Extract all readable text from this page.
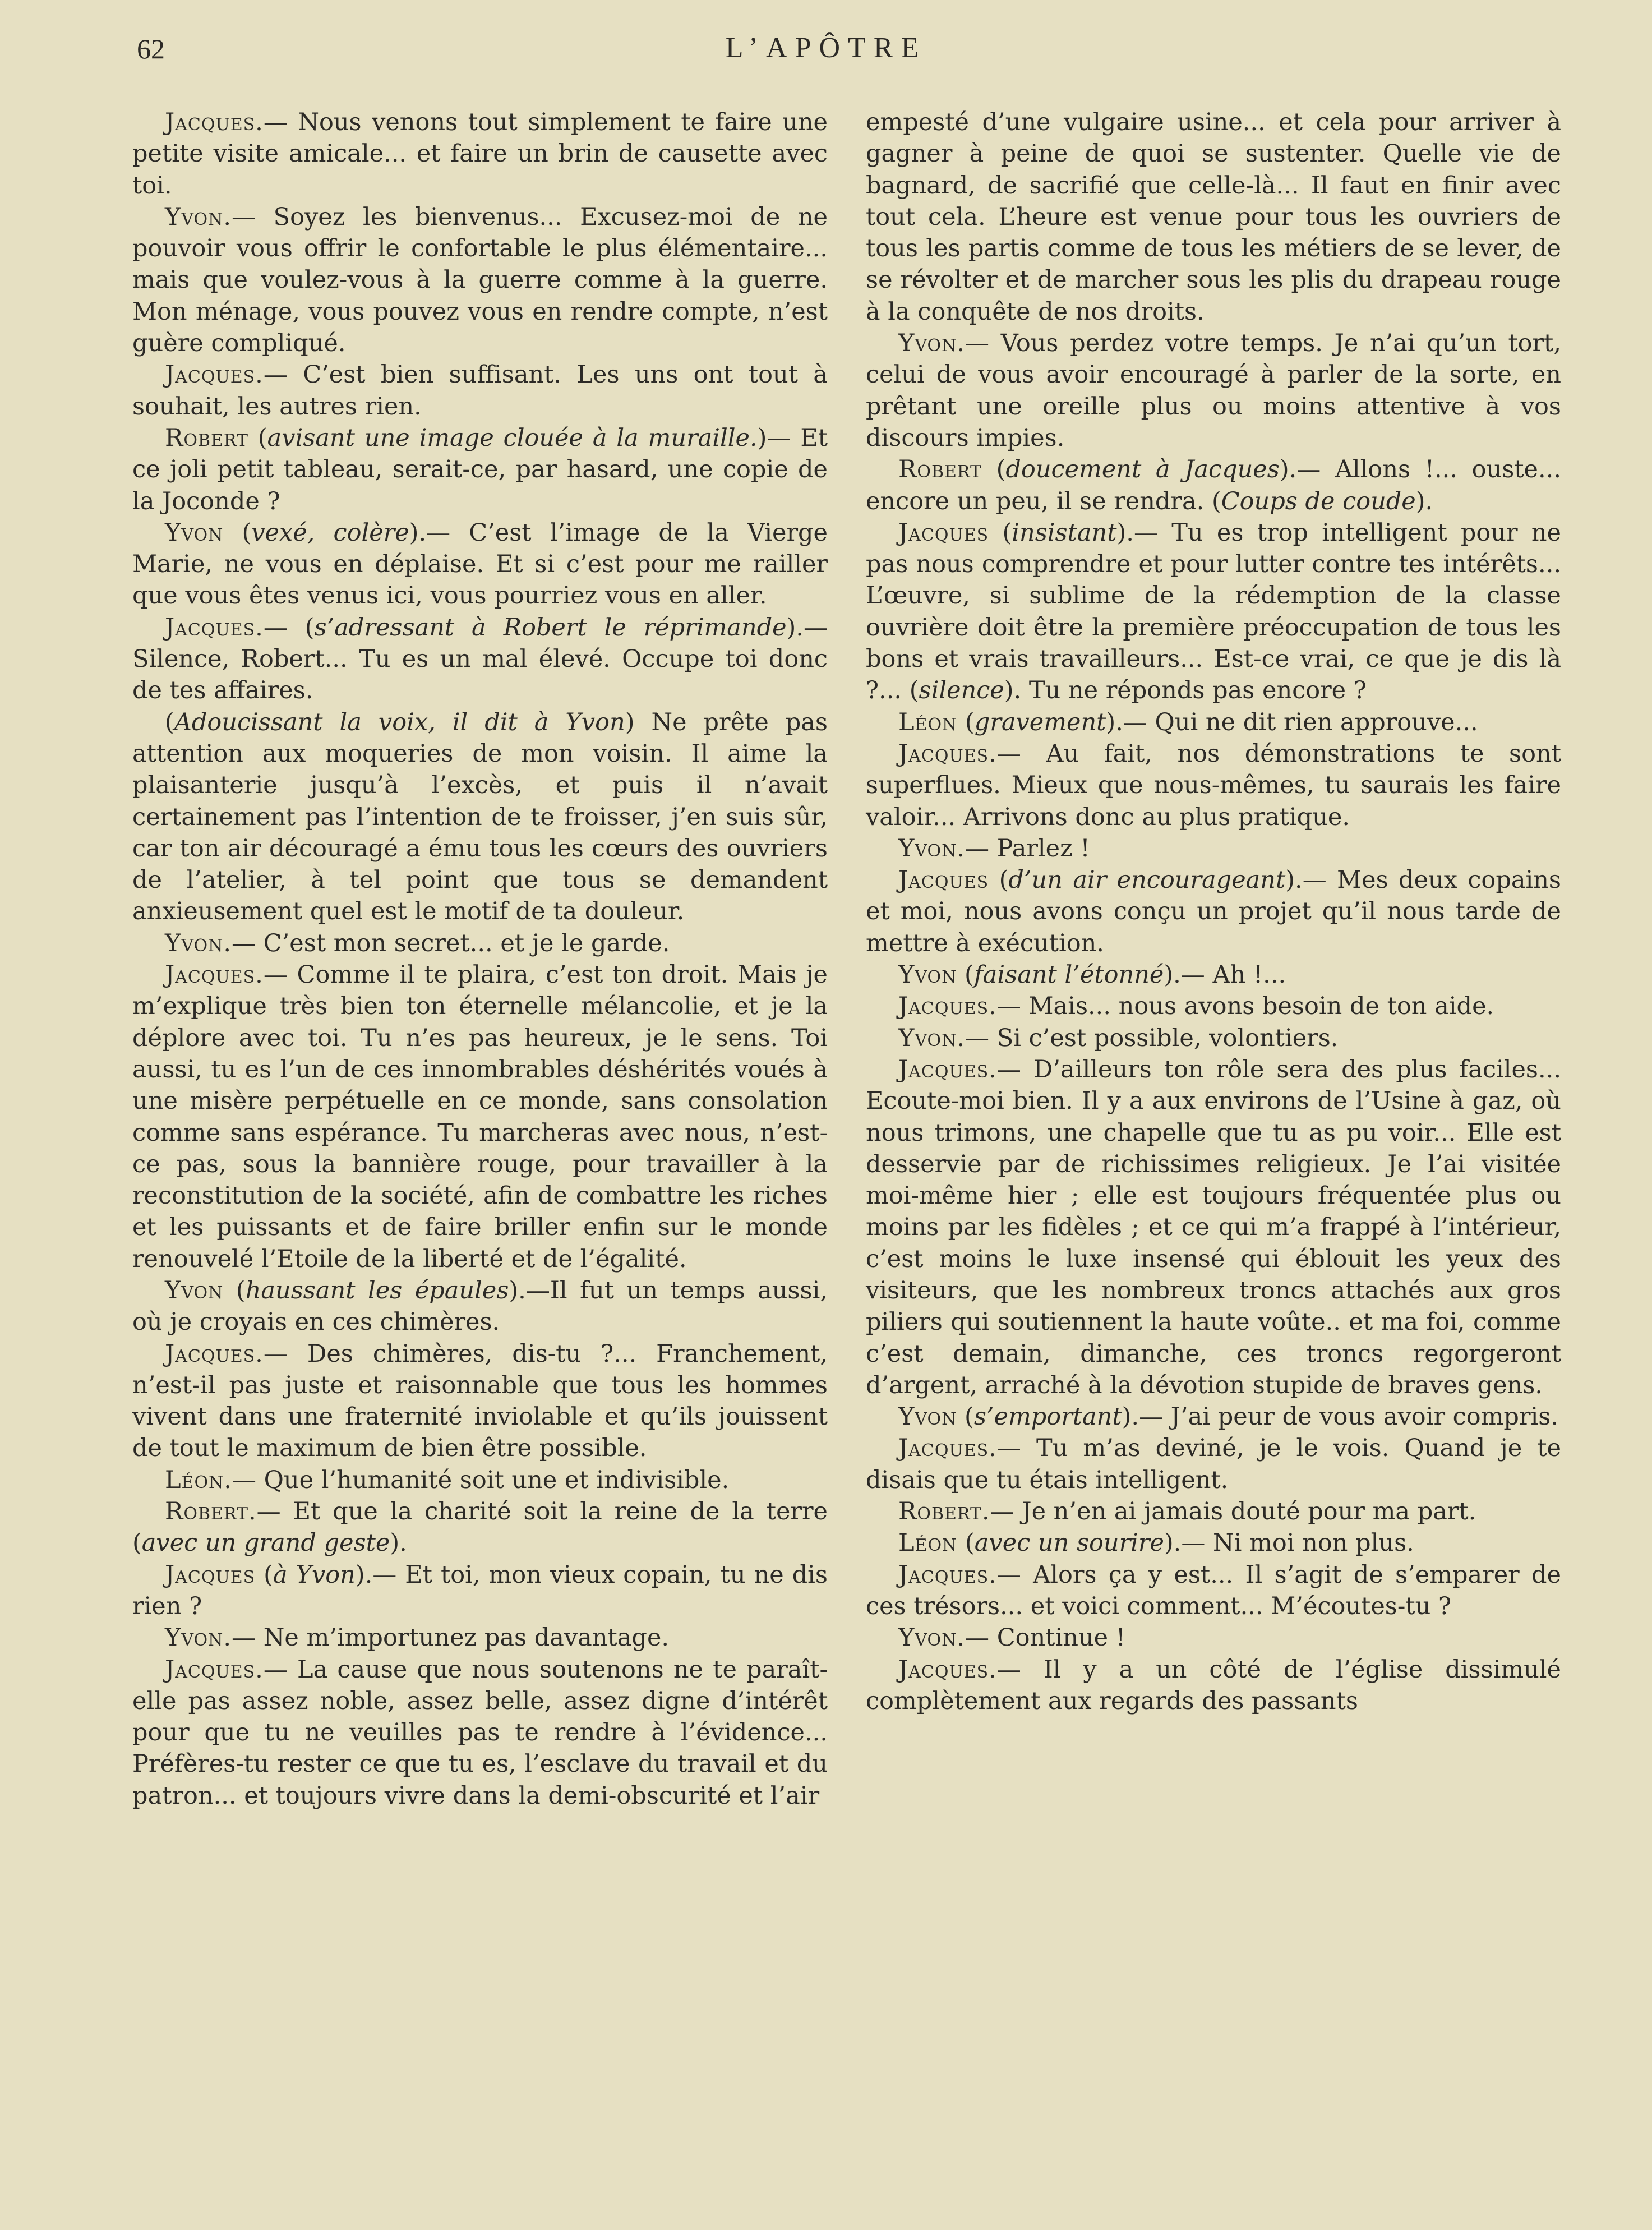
62	L’APÔTRE

Jacques.— Nous venons tout simplement te faire une petite visite amicale... et faire un brin de causette avec toi.

Yvon.— Soyez les bienvenus... Excusez-moi de ne pouvoir vous offrir le confortable le plus élémentaire... mais que voulez-vous à la guerre comme à la guerre. Mon ménage, vous pouvez vous en rendre compte, n’est guère compliqué.

Jacques.— C’est bien suffisant. Les uns ont tout à souhait, les autres rien.

Robert (avisant une image clouée à la muraille.)— Et ce joli petit tableau, serait-ce, par hasard, une copie de la Joconde ?

Yvon (vexé, colère).— C’est l’image de la Vierge Marie, ne vous en déplaise. Et si c’est pour me railler que vous êtes venus ici, vous pourriez vous en aller.

Jacques.— (s’adressant à Robert le réprimande).— Silence, Robert... Tu es un mal élevé. Occupe toi donc de tes affaires.

(Adoucissant la voix, il dit à Yvon) Ne prête pas attention aux moqueries de mon voisin. Il aime la plaisanterie jusqu’à l’excès, et puis il n’avait certainement pas l’intention de te froisser, j’en suis sûr, car ton air découragé a ému tous les cœurs des ouvriers de l’atelier, à tel point que tous se demandent anxieusement quel est le motif de ta douleur.

Yvon.— C’est mon secret... et je le garde.

Jacques.— Comme il te plaira, c’est ton droit. Mais je m’explique très bien ton éternelle mélancolie, et je la déplore avec toi. Tu n’es pas heureux, je le sens. Toi aussi, tu es l’un de ces innombrables déshérités voués à une misère perpétuelle en ce monde, sans consolation comme sans espérance. Tu marcheras avec nous, n’est-ce pas, sous la bannière rouge, pour travailler à la reconstitution de la société, afin de combattre les riches et les puissants et de faire briller enfin sur le monde renouvelé l’Etoile de la liberté et de l’égalité.

Yvon (haussant les épaules).—Il fut un temps aussi, où je croyais en ces chimères.

Jacques.— Des chimères, dis-tu ?... Franchement, n’est-il pas juste et raisonnable que tous les hommes vivent dans une fraternité inviolable et qu’ils jouissent de tout le maximum de bien être possible.

Léon.— Que l’humanité soit une et indivisible.

Robert.— Et que la charité soit la reine de la terre (avec un grand geste).

Jacques (à Yvon).— Et toi, mon vieux copain, tu ne dis rien ?

Yvon.— Ne m’importunez pas davantage.

Jacques.— La cause que nous soutenons ne te paraît-elle pas assez noble, assez belle, assez digne d’intérêt pour que tu ne veuilles pas te rendre à l’évidence... Préfères-tu rester ce que tu es, l’esclave du travail et du patron... et toujours vivre dans la demi-obscurité et l’air

empesté d’une vulgaire usine... et cela pour arriver à gagner à peine de quoi se sustenter. Quelle vie de bagnard, de sacrifié que celle-là... Il faut en finir avec tout cela. L’heure est venue pour tous les ouvriers de tous les partis comme de tous les métiers de se lever, de se révolter et de marcher sous les plis du drapeau rouge à la conquête de nos droits.

Yvon.— Vous perdez votre temps. Je n’ai qu’un tort, celui de vous avoir encouragé à parler de la sorte, en prêtant une oreille plus ou moins attentive à vos discours impies.

Robert (doucement à Jacques).— Allons !... ouste... encore un peu, il se rendra. (Coups de coude).

Jacques (insistant).— Tu es trop intelligent pour ne pas nous comprendre et pour lutter contre tes intérêts... L’œuvre, si sublime de la rédemption de la classe ouvrière doit être la première préoccupation de tous les bons et vrais travailleurs... Est-ce vrai, ce que je dis là ?... (silence). Tu ne réponds pas encore ?

Léon (gravement).— Qui ne dit rien approuve...

Jacques.— Au fait, nos démonstrations te sont superflues. Mieux que nous-mêmes, tu saurais les faire valoir... Arrivons donc au plus pratique.

Yvon.— Parlez !

Jacques (d’un air encourageant).— Mes deux copains et moi, nous avons conçu un projet qu’il nous tarde de mettre à exécution.

Yvon (faisant l’étonné).— Ah !...

Jacques.— Mais... nous avons besoin de ton aide.

Yvon.— Si c’est possible, volontiers.

Jacques.— D’ailleurs ton rôle sera des plus faciles... Ecoute-moi bien. Il y a aux environs de l’Usine à gaz, où nous trimons, une chapelle que tu as pu voir... Elle est desservie par de richissimes religieux. Je l’ai visitée moi-même hier ; elle est toujours fréquentée plus ou moins par les fidèles ; et ce qui m’a frappé à l’intérieur, c’est moins le luxe insensé qui éblouit les yeux des visiteurs, que les nombreux troncs attachés aux gros piliers qui soutiennent la haute voûte.. et ma foi, comme c’est demain, dimanche, ces troncs regorgeront d’argent, arraché à la dévotion stupide de braves gens.

Yvon (s’emportant).— J’ai peur de vous avoir compris.

Jacques.— Tu m’as deviné, je le vois. Quand je te disais que tu étais intelligent.

Robert.— Je n’en ai jamais douté pour ma part.

Léon (avec un sourire).— Ni moi non plus.

Jacques.— Alors ça y est... Il s’agit de s’emparer de ces trésors... et voici comment... M’écoutes-tu ?

Yvon.— Continue !

Jacques.— Il y a un côté de l’église dissimulé complètement aux regards des passants
